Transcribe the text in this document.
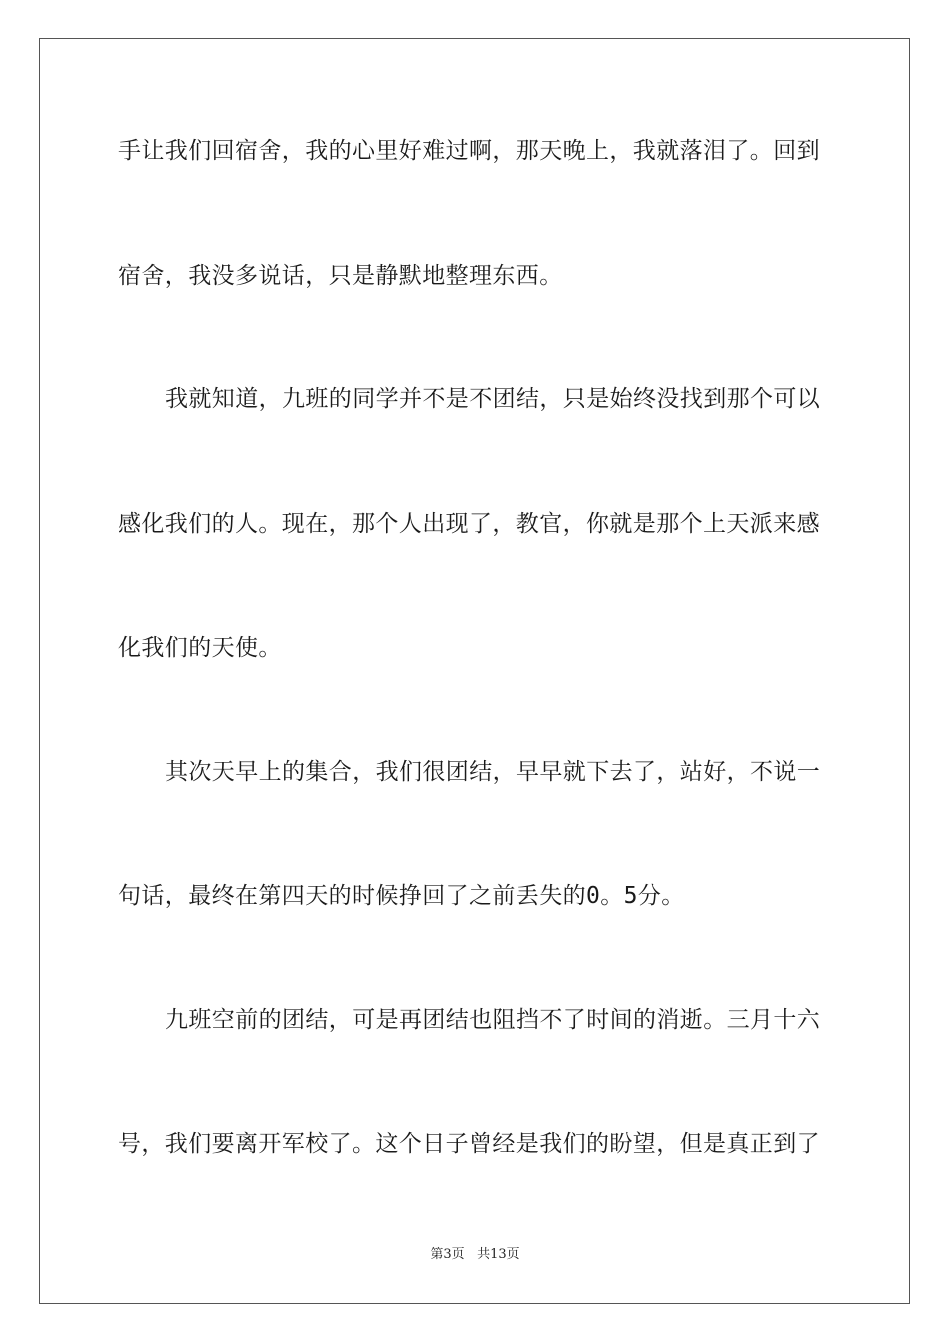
手让我们回宿舍，我的心里好难过啊，那天晚上，我就落泪了。回到

宿舍，我没多说话，只是静默地整理东西。

我就知道，九班的同学并不是不团结，只是始终没找到那个可以

感化我们的人。现在，那个人出现了，教官，你就是那个上天派来感

化我们的天使。

其次天早上的集合，我们很团结，早早就下去了，站好，不说一

句话，最终在第四天的时候挣回了之前丢失的0。5分。

九班空前的团结，可是再团结也阻挡不了时间的消逝。三月十六

号，我们要离开军校了。这个日子曾经是我们的盼望，但是真正到了

第3页 共13页
